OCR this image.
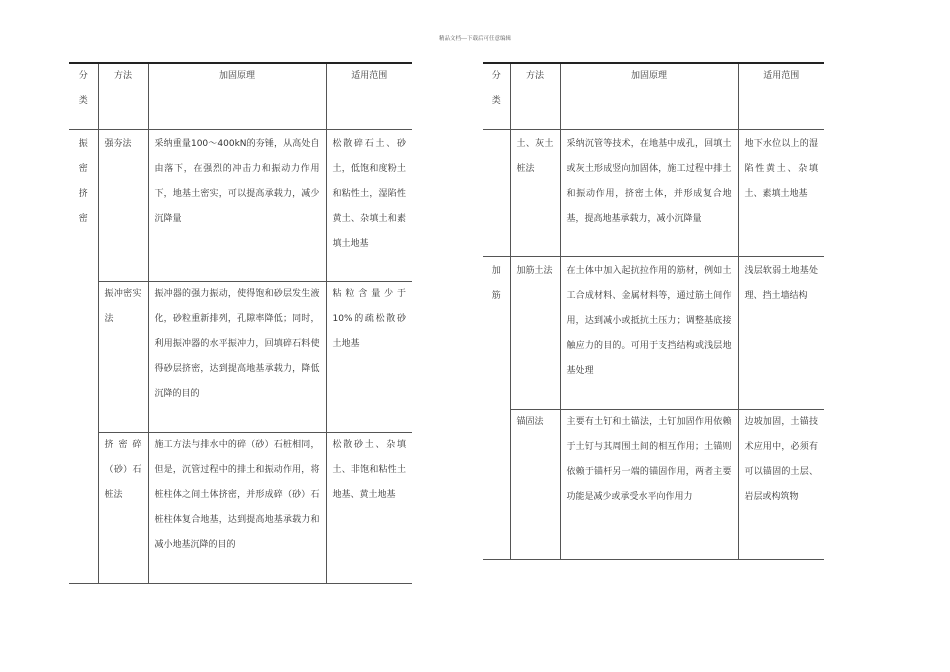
精品文档---下载后可任意编辑
分
类	方法	加固原理	适用范围
振
密
挤
密	强夯法	采纳重量100～400kN的夯锤，从高处自由落下，在强烈的冲击力和振动力作用下，地基土密实，可以提高承载力，减少沉降量	松散碎石土、砂土，低饱和度粉土和粘性土，湿陷性黄土、杂填土和素填土地基
	振冲密实法	振冲器的强力振动，使得饱和砂层发生液化，砂粒重新排列，孔隙率降低；同时，利用振冲器的水平振冲力，回填碎石料使得砂层挤密，达到提高地基承载力，降低沉降的目的	粘粒含量少于10%的疏松散砂土地基
	挤密碎（砂）石桩法	施工方法与排水中的碎（砂）石桩相同，但是，沉管过程中的排土和振动作用，将桩柱体之间土体挤密，并形成碎（砂）石桩柱体复合地基，达到提高地基承载力和减小地基沉降的目的	松散砂土、杂填土、非饱和粘性土地基、黄土地基
分
类	方法	加固原理	适用范围
	土、灰土桩法	采纳沉管等技术，在地基中成孔，回填土或灰土形成竖向加固体，施工过程中排土和振动作用，挤密土体，并形成复合地基，提高地基承载力，减小沉降量	地下水位以上的湿陷性黄土、杂填土、素填土地基
加
筋	加筋土法	在土体中加入起抗拉作用的筋材，例如土工合成材料、金属材料等，通过筋土间作用，达到减小或抵抗土压力；调整基底接触应力的目的。可用于支挡结构或浅层地基处理	浅层软弱土地基处理、挡土墙结构
	锚固法	主要有土钉和土锚法，土钉加固作用依赖于土钉与其周围土间的相互作用；土锚则依赖于锚杆另一端的锚固作用，两者主要功能是减少或承受水平向作用力	边坡加固，土锚技术应用中，必须有可以锚固的土层、岩层或构筑物
